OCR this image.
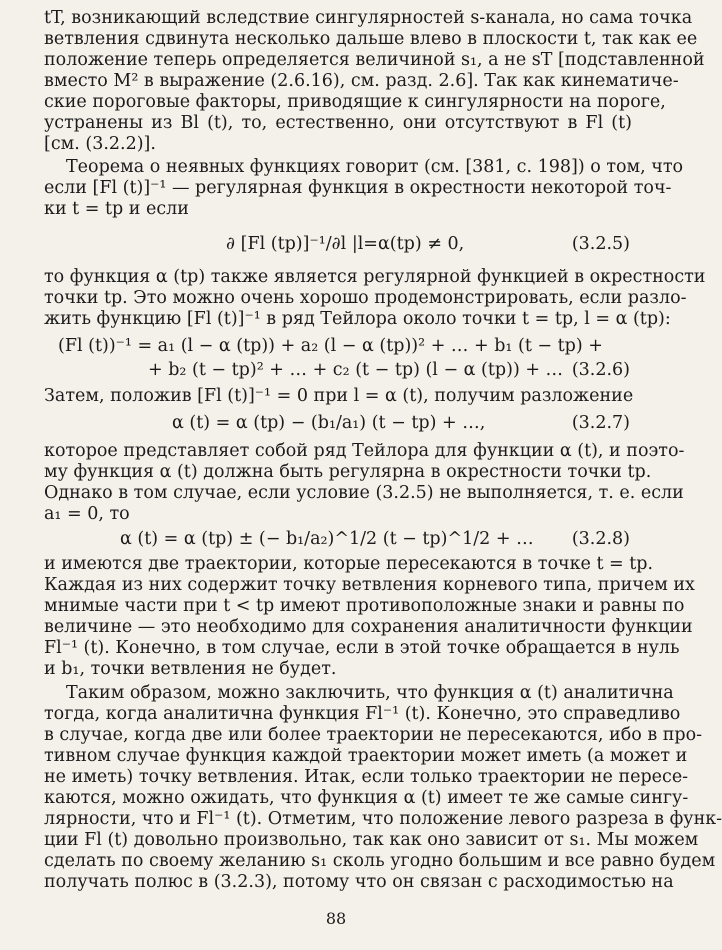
tT, возникающий вследствие сингулярностей s-канала, но сама точка
ветвления сдвинута несколько дальше влево в плоскости t, так как ее
положение теперь определяется величиной s₁, а не sT [подставленной
вместо M² в выражение (2.6.16), см. разд. 2.6]. Так как кинематиче-
ские пороговые факторы, приводящие к сингулярности на пороге,
устранены из Bl (t), то, естественно, они отсутствуют в Fl (t)
[см. (3.2.2)].
Теорема о неявных функциях говорит (см. [381, с. 198]) о том, что
если [Fl (t)]⁻¹ — регулярная функция в окрестности некоторой точ-
ки t = tp и если
∂ [Fl (tp)]⁻¹/∂l |l=α(tp) ≠ 0,	(3.2.5)
то функция α (tp) также является регулярной функцией в окрестности
точки tp. Это можно очень хорошо продемонстрировать, если разло-
жить функцию [Fl (t)]⁻¹ в ряд Тейлора около точки t = tp, l = α (tp):
(Fl (t))⁻¹ = a₁ (l − α (tp)) + a₂ (l − α (tp))² + … + b₁ (t − tp) +
+ b₂ (t − tp)² + … + c₂ (t − tp) (l − α (tp)) + … (3.2.6)
Затем, положив [Fl (t)]⁻¹ = 0 при l = α (t), получим разложение
α (t) = α (tp) − (b₁/a₁) (t − tp) + …,	(3.2.7)
которое представляет собой ряд Тейлора для функции α (t), и поэто-
му функция α (t) должна быть регулярна в окрестности точки tp.
Однако в том случае, если условие (3.2.5) не выполняется, т. е. если
a₁ = 0, то
α (t) = α (tp) ± (− b₁/a₂)^1/2 (t − tp)^1/2 + … (3.2.8)
и имеются две траектории, которые пересекаются в точке t = tp.
Каждая из них содержит точку ветвления корневого типа, причем их
мнимые части при t < tp имеют противоположные знаки и равны по
величине — это необходимо для сохранения аналитичности функции
Fl⁻¹ (t). Конечно, в том случае, если в этой точке обращается в нуль
и b₁, точки ветвления не будет.
Таким образом, можно заключить, что функция α (t) аналитична
тогда, когда аналитична функция Fl⁻¹ (t). Конечно, это справедливо
в случае, когда две или более траектории не пересекаются, ибо в про-
тивном случае функция каждой траектории может иметь (а может и
не иметь) точку ветвления. Итак, если только траектории не пересе-
каются, можно ожидать, что функция α (t) имеет те же самые сингу-
лярности, что и Fl⁻¹ (t). Отметим, что положение левого разреза в функ-
ции Fl (t) довольно произвольно, так как оно зависит от s₁. Мы можем
сделать по своему желанию s₁ сколь угодно большим и все равно будем
получать полюс в (3.2.3), потому что он связан с расходимостью на
88
